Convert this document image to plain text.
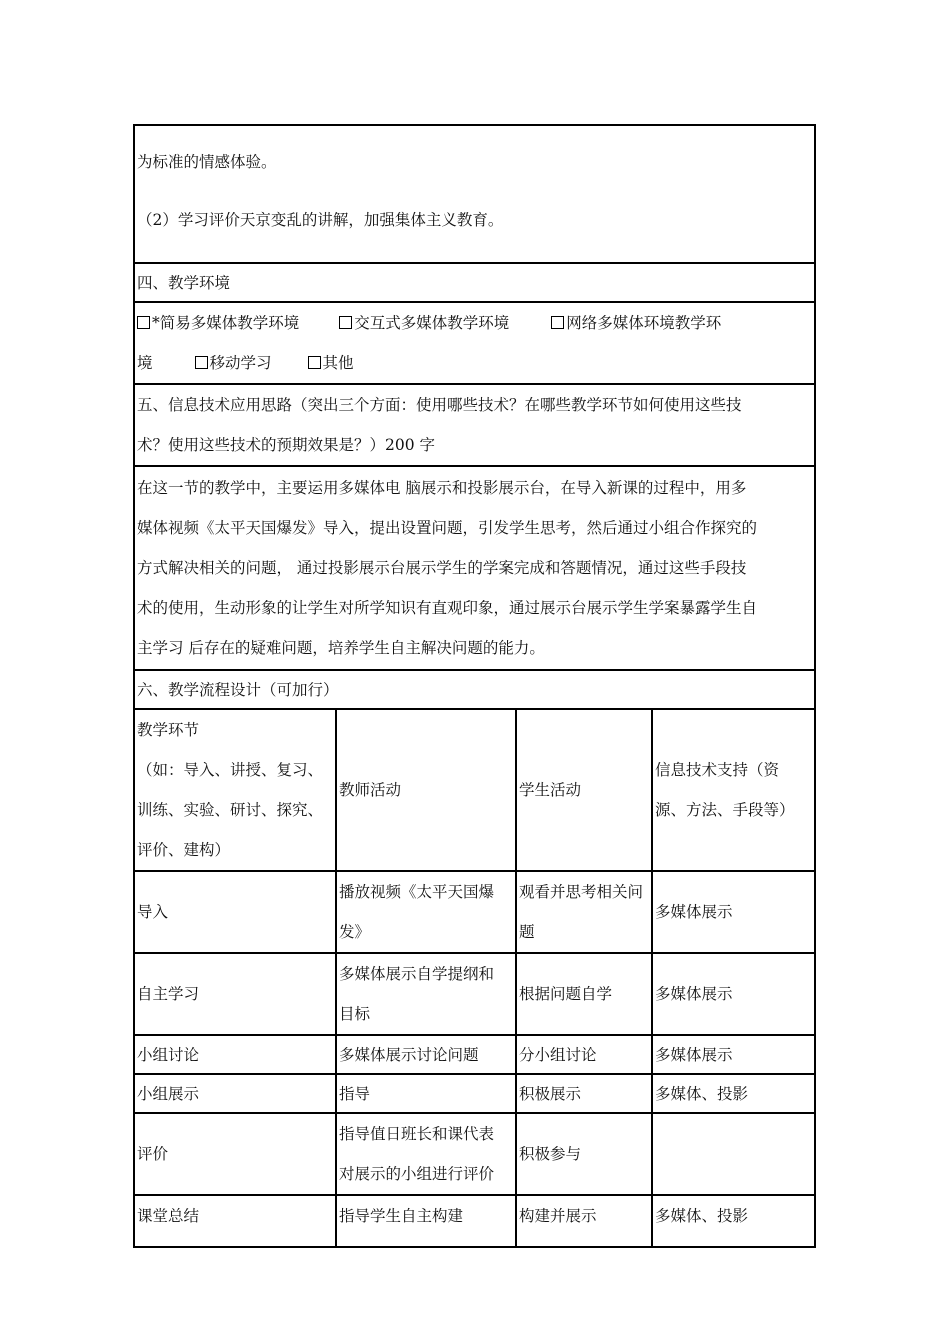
为标准的情感体验。
（2）学习评价天京变乱的讲解，加强集体主义教育。			

四、教学环境			

*简易多媒体教学环境 交互式多媒体教学环境 网络多媒体环境教学环
境 移动学习 其他			

五、信息技术应用思路（突出三个方面：使用哪些技术？在哪些教学环节如何使用这些技
术？使用这些技术的预期效果是？）200 字			

在这一节的教学中，主要运用多媒体电 脑展示和投影展示台，在导入新课的过程中，用多
媒体视频《太平天国爆发》导入，提出设置问题，引发学生思考，然后通过小组合作探究的
方式解决相关的问题， 通过投影展示台展示学生的学案完成和答题情况，通过这些手段技
术的使用，生动形象的让学生对所学知识有直观印象，通过展示台展示学生学案暴露学生自
主学习 后存在的疑难问题，培养学生自主解决问题的能力。			

六、教学流程设计（可加行）			

教学环节
（如：导入、讲授、复习、
训练、实验、研讨、探究、
评价、建构）	教师活动	学生活动	信息技术支持（资
源、方法、手段等）

导入	播放视频《太平天国爆
发》	观看并思考相关问
题	多媒体展示
自主学习	多媒体展示自学提纲和
目标	根据问题自学	多媒体展示
小组讨论	多媒体展示讨论问题	分小组讨论	多媒体展示
小组展示	指导	积极展示	多媒体、投影
评价	指导值日班长和课代表
对展示的小组进行评价	积极参与	
课堂总结	指导学生自主构建	构建并展示	多媒体、投影
